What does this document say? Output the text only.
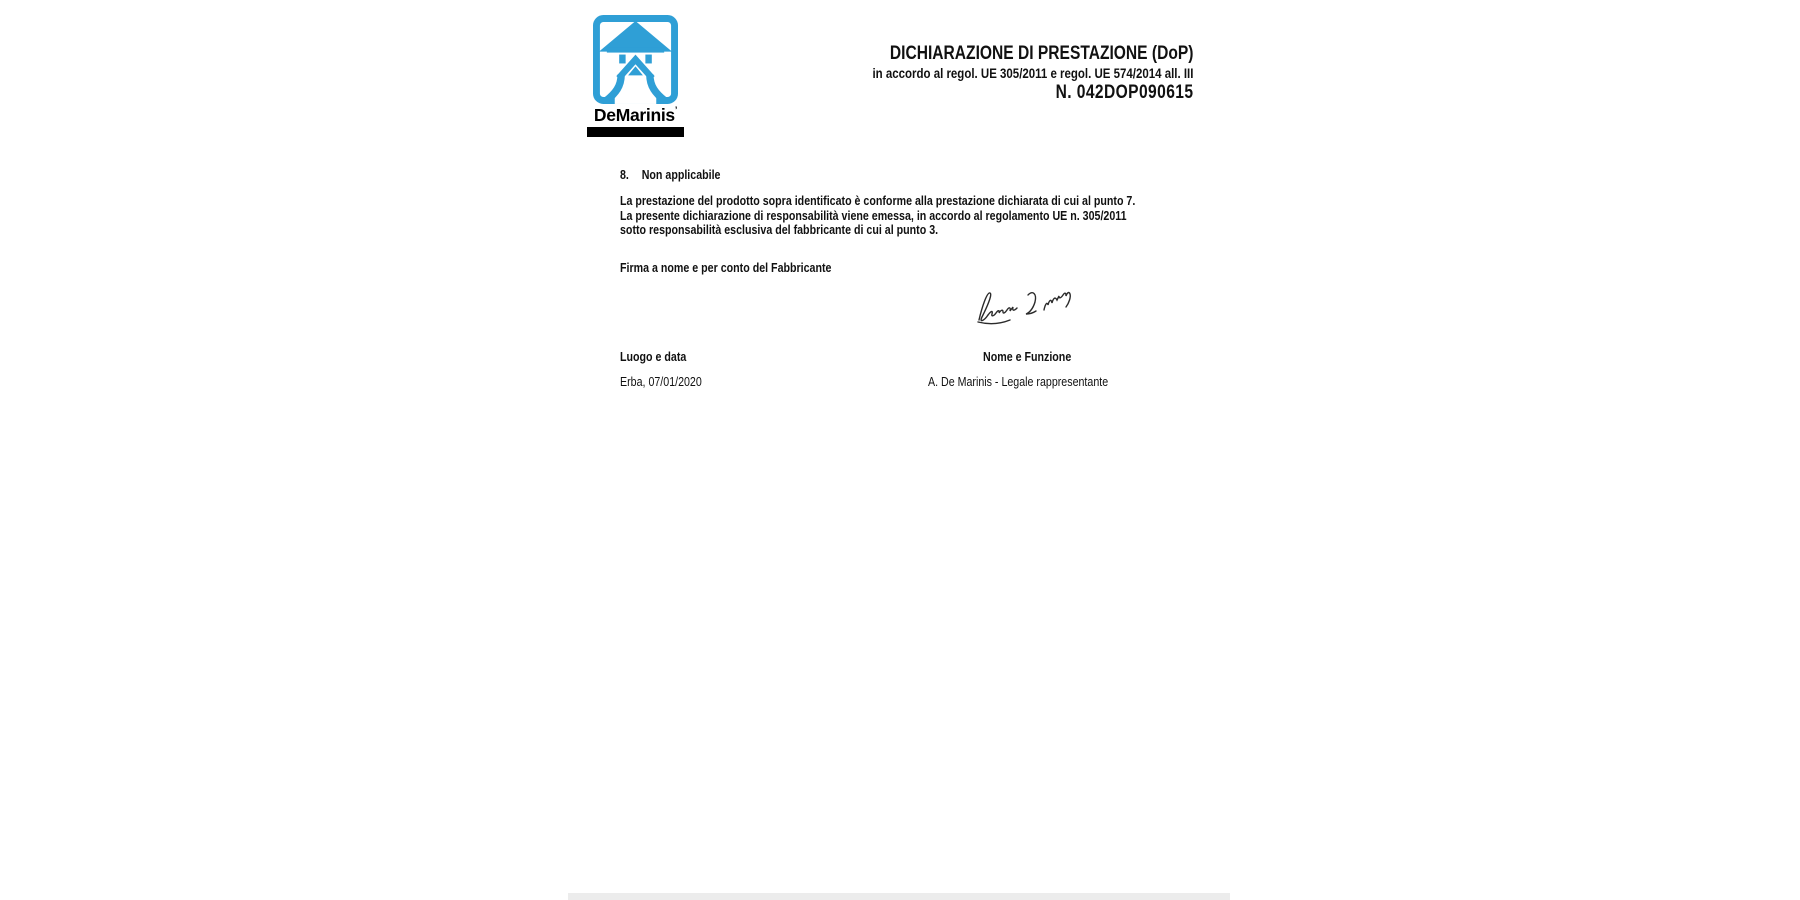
DeMarinis’
DICHIARAZIONE DI PRESTAZIONE (DoP)
in accordo al regol. UE 305/2011 e regol. UE 574/2014 all. III
N. 042DOP090615
8. Non applicabile
La prestazione del prodotto sopra identificato è conforme alla prestazione dichiarata di cui al punto 7.
La presente dichiarazione di responsabilità viene emessa, in accordo al regolamento UE n. 305/2011
sotto responsabilità esclusiva del fabbricante di cui al punto 3.
Firma a nome e per conto del Fabbricante
Luogo e data	Nome e Funzione
Erba, 07/01/2020	A. De Marinis - Legale rappresentante
